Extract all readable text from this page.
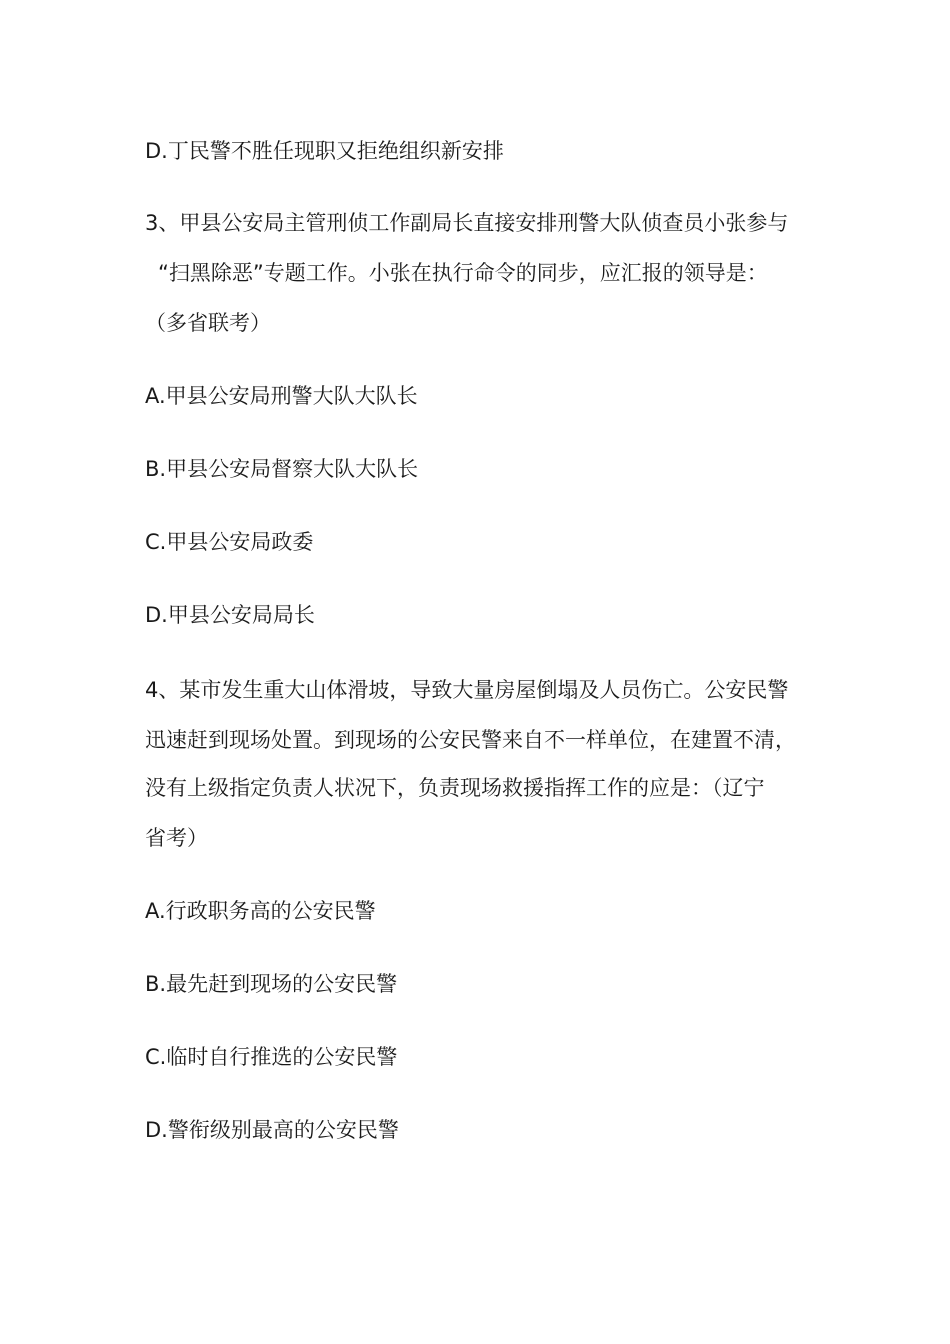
D.丁民警不胜任现职又拒绝组织新安排
3、甲县公安局主管刑侦工作副局长直接安排刑警大队侦查员小张参与
“扫黑除恶”专题工作。小张在执行命令的同步，应汇报的领导是：
（多省联考）
A.甲县公安局刑警大队大队长
B.甲县公安局督察大队大队长
C.甲县公安局政委
D.甲县公安局局长
4、某市发生重大山体滑坡，导致大量房屋倒塌及人员伤亡。公安民警
迅速赶到现场处置。到现场的公安民警来自不一样单位，在建置不清，
没有上级指定负责人状况下，负责现场救援指挥工作的应是：（辽宁
省考）
A.行政职务高的公安民警
B.最先赶到现场的公安民警
C.临时自行推选的公安民警
D.警衔级别最高的公安民警
